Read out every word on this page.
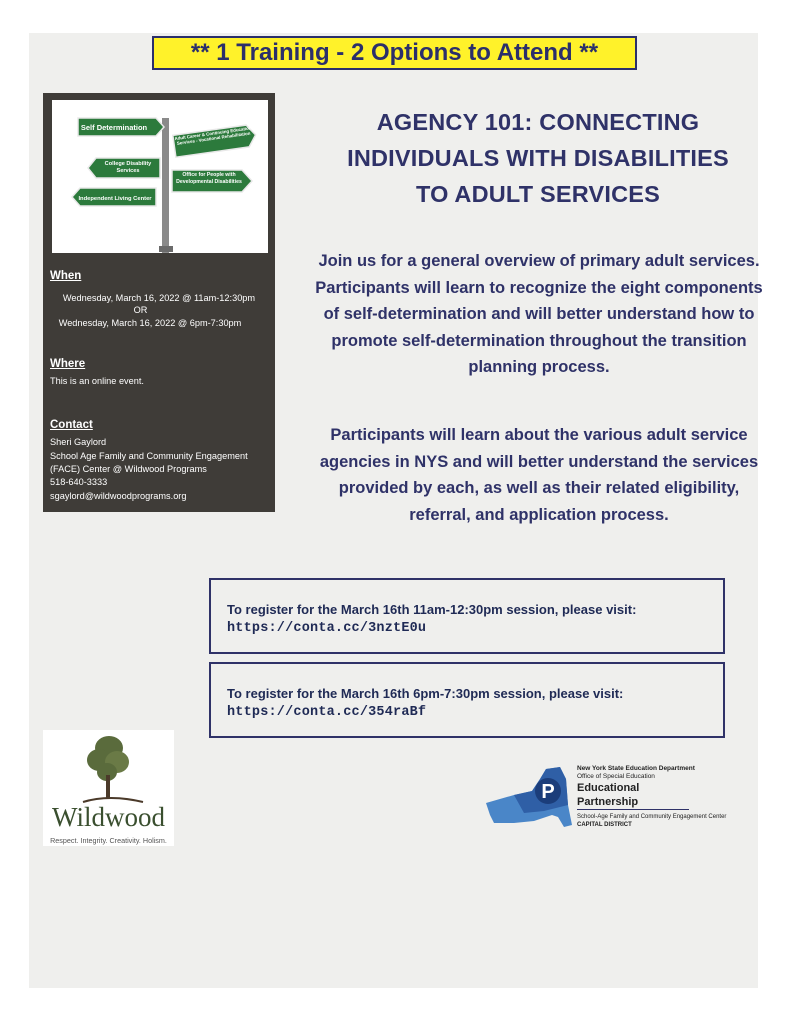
** 1 Training - 2 Options to Attend **
Self Determination	Adult Career & Continuing Education Services - Vocational Rehabilitation
College Disability Services
Office for People with Developmental Disabilities
Independent Living Center
When
Wednesday, March 16, 2022 @ 11am-12:30pm
OR
Wednesday, March 16, 2022 @ 6pm-7:30pm
Where
This is an online event.
Contact
Sheri Gaylord
School Age Family and Community Engagement
(FACE) Center @ Wildwood Programs
518-640-3333
sgaylord@wildwoodprograms.org
AGENCY 101: CONNECTING
INDIVIDUALS WITH DISABILITIES
TO ADULT SERVICES
Join us for a general overview of primary adult services. Participants will learn to recognize the eight components of self-determination and will better understand how to promote self-determination throughout the transition planning process.
Participants will learn about the various adult service agencies in NYS and will better understand the services provided by each, as well as their related eligibility, referral, and application process.
To register for the March 16th 11am-12:30pm session, please visit:
https://conta.cc/3nztE0u
To register for the March 16th 6pm-7:30pm session, please visit:
https://conta.cc/354raBf
Wildwood
Respect. Integrity. Creativity. Holism.
P
New York State Education Department
Office of Special Education
Educational Partnership
School-Age Family and Community Engagement Center
CAPITAL DISTRICT
